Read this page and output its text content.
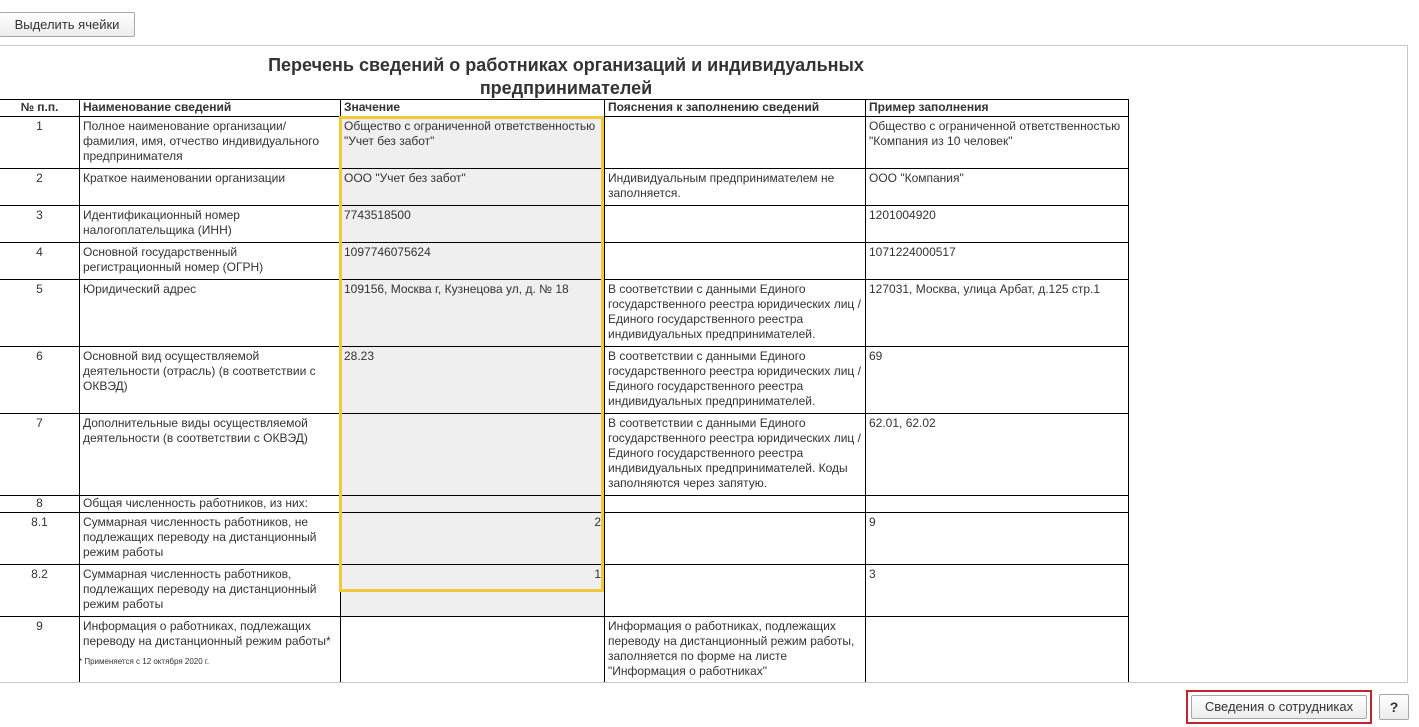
Выделить ячейки
Перечень сведений о работниках организаций и индивидуальных предпринимателей
№ п.п.	Наименование сведений	Значение	Пояснения к заполнению сведений	Пример заполнения
1	Полное наименование организации/ фамилия, имя, отчество индивидуального предпринимателя	Общество с ограниченной ответственностью "Учет без забот"		Общество с ограниченной ответственностью "Компания из 10 человек"
2	Краткое наименовании организации	ООО "Учет без забот"	Индивидуальным предпринимателем не заполняется.	ООО "Компания"
3	Идентификационный номер налогоплательщика (ИНН)	7743518500		1201004920
4	Основной государственный регистрационный номер (ОГРН)	1097746075624		1071224000517
5	Юридический адрес	109156, Москва г, Кузнецова ул, д. № 18	В соответствии с данными Единого государственного реестра юридических лиц /Единого государственного реестра индивидуальных предпринимателей.	127031, Москва, улица Арбат, д.125 стр.1
6	Основной вид осуществляемой деятельности (отрасль) (в соответствии с ОКВЭД)	28.23	В соответствии с данными Единого государственного реестра юридических лиц /Единого государственного реестра индивидуальных предпринимателей.	69
7	Дополнительные виды осуществляемой деятельности (в соответствии с ОКВЭД)		В соответствии с данными Единого государственного реестра юридических лиц /Единого государственного реестра индивидуальных предпринимателей. Коды заполняются через запятую.	62.01, 62.02
8	Общая численность работников, из них:			
8.1	Суммарная численность работников, не подлежащих переводу на дистанционный режим работы	2		9
8.2	Суммарная численность работников, подлежащих переводу на дистанционный режим работы	1		3
9	Информация о работниках, подлежащих переводу на дистанционный режим работы*		Информация о работниках, подлежащих переводу на дистанционный режим работы, заполняется по форме на листе "Информация о работниках"	
* Применяется с 12 октября 2020 г.
Сведения о сотрудниках	?
